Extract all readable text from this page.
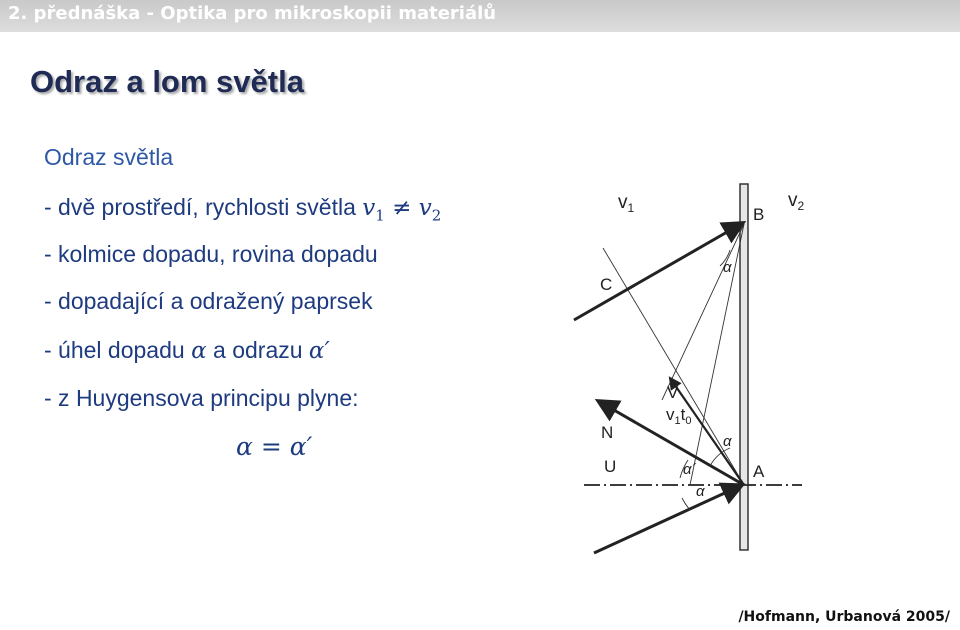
2. přednáška - Optika pro mikroskopii materiálů
Odraz a lom světla
Odraz světla
- dvě prostředí, rychlosti světla $v_1 \ne v_2$
- kolmice dopadu, rovina dopadu
- dopadající a odražený paprsek
- úhel dopadu α a odrazu α′
- z Huygensova principu plyne:
α = α′
$v_1$	$v_2$
B
C
V
$v_1t_0$
N
U	A
α
α
α´
α
/Hofmann, Urbanová 2005/
